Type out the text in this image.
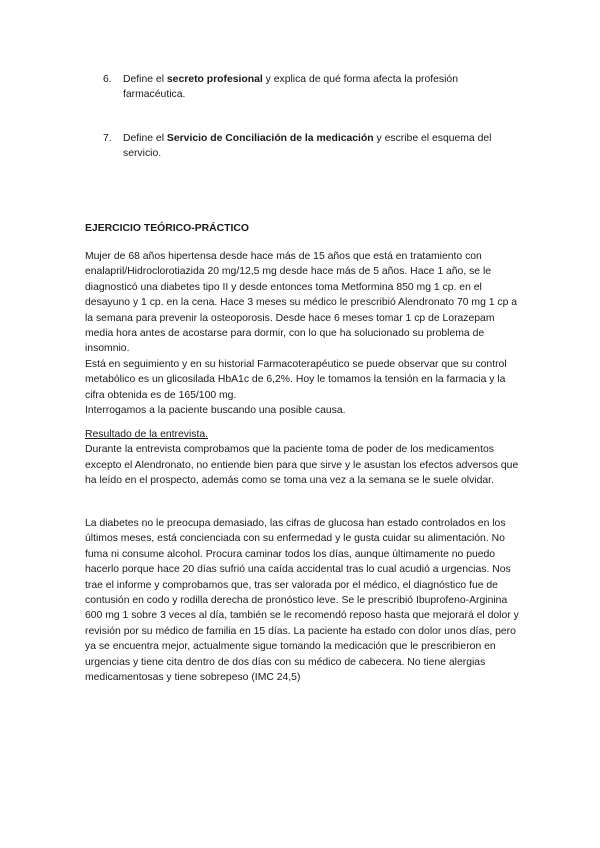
6. Define el secreto profesional y explica de qué forma afecta la profesión farmacéutica.
7. Define el Servicio de Conciliación de la medicación y escribe el esquema del servicio.
EJERCICIO TEÓRICO-PRÁCTICO

Mujer de 68 años hipertensa desde hace más de 15 años que está en tratamiento con enalapril/Hidroclorotiazida 20 mg/12,5 mg desde hace más de 5 años. Hace 1 año, se le diagnosticó una diabetes tipo II y desde entonces toma Metformina 850 mg 1 cp. en el desayuno y 1 cp. en la cena. Hace 3 meses su médico le prescribió Alendronato 70 mg 1 cp a la semana para prevenir la osteoporosis. Desde hace 6 meses tomar 1 cp de Lorazepam media hora antes de acostarse para dormir, con lo que ha solucionado su problema de insomnio.

Está en seguimiento y en su historial Farmacoterapéutico se puede observar que su control metabólico es un glicosilada HbA1c de 6,2%. Hoy le tomamos la tensión en la farmacia y la cifra obtenida es de 165/100 mg.

Interrogamos a la paciente buscando una posible causa.

Resultado de la entrevista.

Durante la entrevista comprobamos que la paciente toma de poder de los medicamentos excepto el Alendronato, no entiende bien para que sirve y le asustan los efectos adversos que ha leído en el prospecto, además como se toma una vez a la semana se le suele olvidar.

La diabetes no le preocupa demasiado, las cifras de glucosa han estado controlados en los últimos meses, está concienciada con su enfermedad y le gusta cuidar su alimentación. No fuma ni consume alcohol. Procura caminar todos los días, aunque últimamente no puedo hacerlo porque hace 20 días sufrió una caída accidental tras lo cual acudió a urgencias. Nos trae el informe y comprobamos que, tras ser valorada por el médico, el diagnóstico fue de contusión en codo y rodilla derecha de pronóstico leve. Se le prescribió Ibuprofeno-Arginina 600 mg 1 sobre 3 veces al día, también se le recomendó reposo hasta que mejorará el dolor y revisión por su médico de familia en 15 días. La paciente ha estado con dolor unos días, pero ya se encuentra mejor, actualmente sigue tomando la medicación que le prescribieron en urgencias y tiene cita dentro de dos días con su médico de cabecera. No tiene alergias medicamentosas y tiene sobrepeso (IMC 24,5)
